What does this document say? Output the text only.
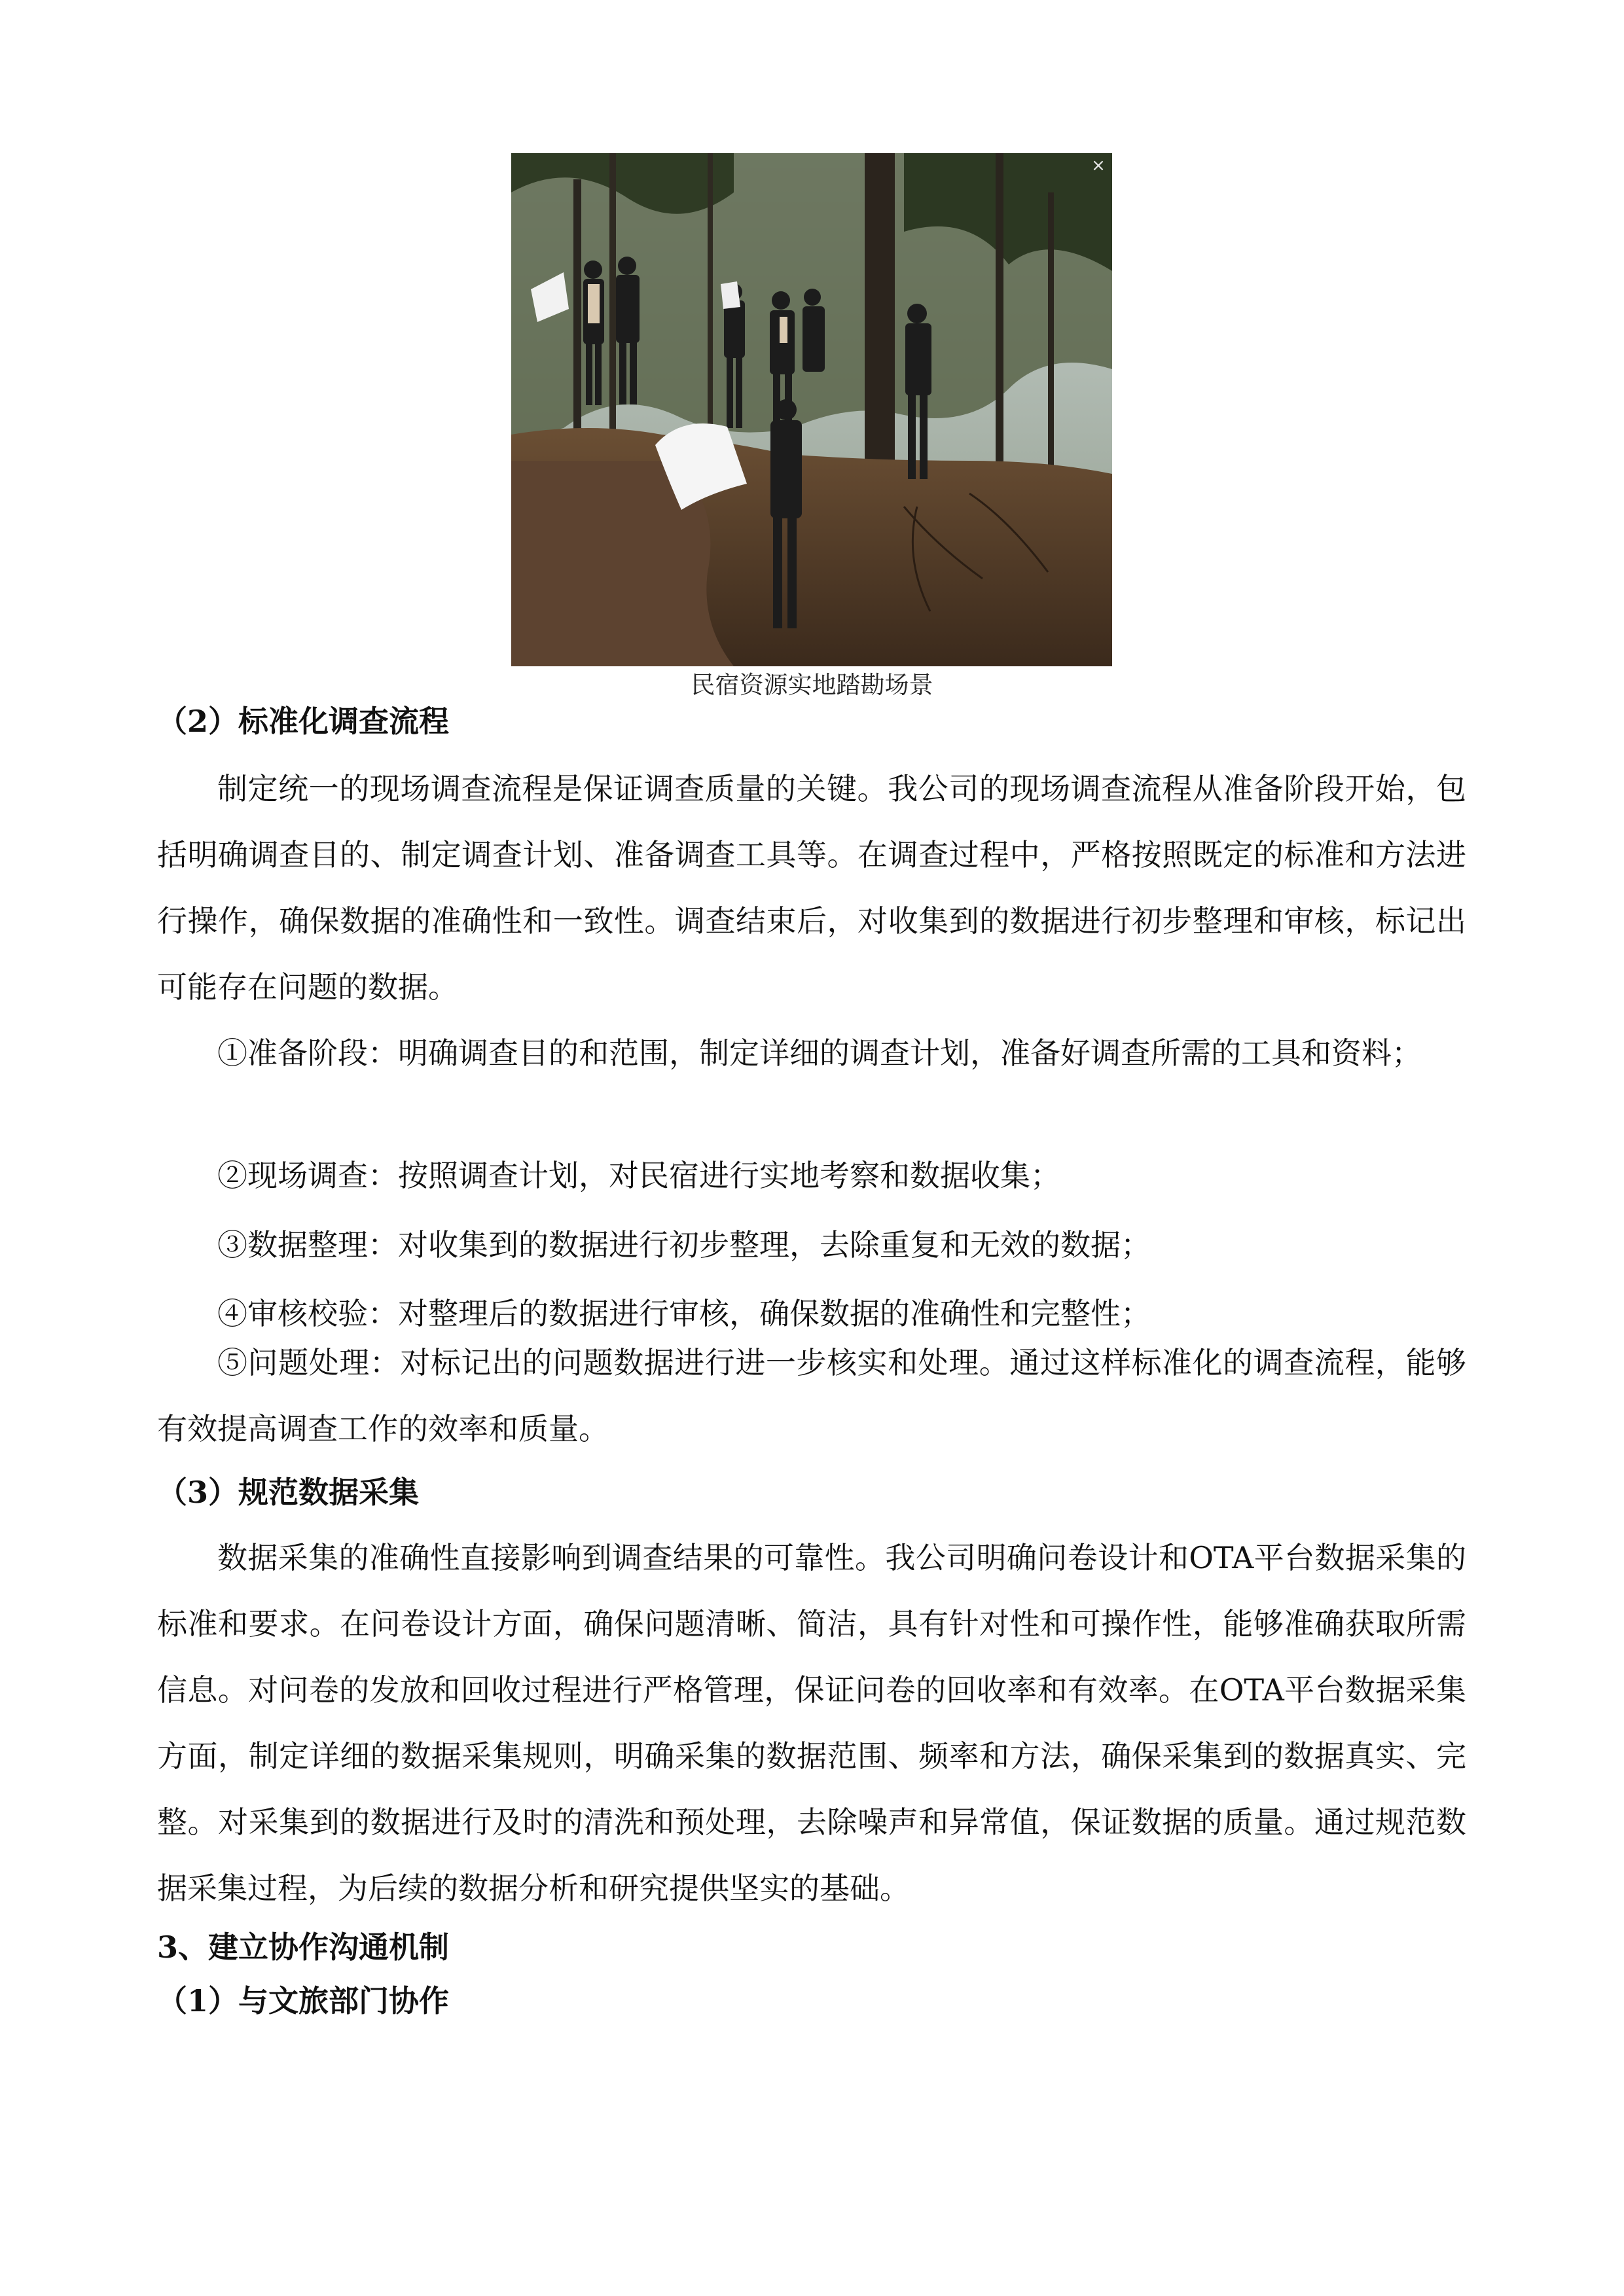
×
民宿资源实地踏勘场景
（2）标准化调查流程

制定统一的现场调查流程是保证调查质量的关键。我公司的现场调查流程从准备阶段开始，包括明确调查目的、制定调查计划、准备调查工具等。在调查过程中，严格按照既定的标准和方法进行操作，确保数据的准确性和一致性。调查结束后，对收集到的数据进行初步整理和审核，标记出可能存在问题的数据。

①准备阶段：明确调查目的和范围，制定详细的调查计划，准备好调查所需的工具和资料；

②现场调查：按照调查计划，对民宿进行实地考察和数据收集；

③数据整理：对收集到的数据进行初步整理，去除重复和无效的数据；

④审核校验：对整理后的数据进行审核，确保数据的准确性和完整性；

⑤问题处理：对标记出的问题数据进行进一步核实和处理。通过这样标准化的调查流程，能够有效提高调查工作的效率和质量。

（3）规范数据采集

数据采集的准确性直接影响到调查结果的可靠性。我公司明确问卷设计和OTA平台数据采集的标准和要求。在问卷设计方面，确保问题清晰、简洁，具有针对性和可操作性，能够准确获取所需信息。对问卷的发放和回收过程进行严格管理，保证问卷的回收率和有效率。在OTA平台数据采集方面，制定详细的数据采集规则，明确采集的数据范围、频率和方法，确保采集到的数据真实、完整。对采集到的数据进行及时的清洗和预处理，去除噪声和异常值，保证数据的质量。通过规范数据采集过程，为后续的数据分析和研究提供坚实的基础。

3、建立协作沟通机制
（1）与文旅部门协作
